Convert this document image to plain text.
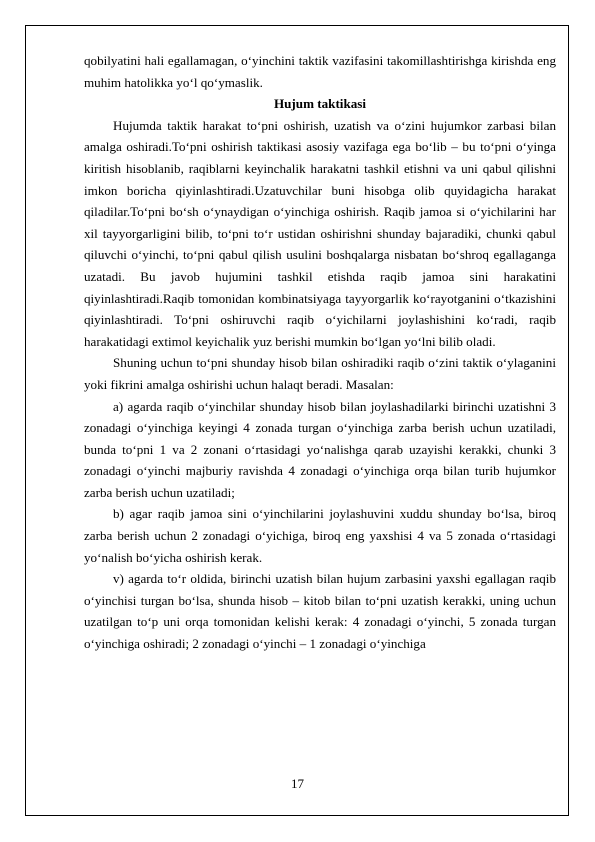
qobilyatini hali egallamagan, o‘yinchini taktik vazifasini takomillashtirishga kirishda eng muhim hatolikka yo‘l qo‘ymaslik.

Hujum taktikasi

Hujumda taktik harakat to‘pni oshirish, uzatish va o‘zini hujumkor zarbasi bilan amalga oshiradi.To‘pni oshirish taktikasi asosiy vazifaga ega bo‘lib – bu to‘pni o‘yinga kiritish hisoblanib, raqiblarni keyinchalik harakatni tashkil etishni va uni qabul qilishni imkon boricha qiyinlashtiradi.Uzatuvchilar buni hisobga olib quyidagicha harakat qiladilar.To‘pni bo‘sh o‘ynaydigan o‘yinchiga oshirish. Raqib jamoa si o‘yichilarini har xil tayyorgarligini bilib, to‘pni to‘r ustidan oshirishni shunday bajaradiki, chunki qabul qiluvchi o‘yinchi, to‘pni qabul qilish usulini boshqalarga nisbatan bo‘shroq egallaganga uzatadi. Bu javob hujumini tashkil etishda raqib jamoa sini harakatini qiyinlashtiradi.Raqib tomonidan kombinatsiyaga tayyorgarlik ko‘rayotganini o‘tkazishini qiyinlashtiradi. To‘pni oshiruvchi raqib o‘yichilarni joylashishini ko‘radi, raqib harakatidagi extimol keyichalik yuz berishi mumkin bo‘lgan yo‘lni bilib oladi.

Shuning uchun to‘pni shunday hisob bilan oshiradiki raqib o‘zini taktik o‘ylaganini yoki fikrini amalga oshirishi uchun halaqt beradi. Masalan:

a) agarda raqib o‘yinchilar shunday hisob bilan joylashadilarki birinchi uzatishni 3 zonadagi o‘yinchiga keyingi 4 zonada turgan o‘yinchiga zarba berish uchun uzatiladi, bunda to‘pni 1 va 2 zonani o‘rtasidagi yo‘nalishga qarab uzayishi kerakki, chunki 3 zonadagi o‘yinchi majburiy ravishda 4 zonadagi o‘yinchiga orqa bilan turib hujumkor zarba berish uchun uzatiladi;

b) agar raqib jamoa sini o‘yinchilarini joylashuvini xuddu shunday bo‘lsa, biroq zarba berish uchun 2 zonadagi o‘yichiga, biroq eng yaxshisi 4 va 5 zonada o‘rtasidagi yo‘nalish bo‘yicha oshirish kerak.

v) agarda to‘r oldida, birinchi uzatish bilan hujum zarbasini yaxshi egallagan raqib o‘yinchisi turgan bo‘lsa, shunda hisob – kitob bilan to‘pni uzatish kerakki, uning uchun uzatilgan to‘p uni orqa tomonidan kelishi kerak: 4 zonadagi o‘yinchi, 5 zonada turgan o‘yinchiga oshiradi; 2 zonadagi o‘yinchi – 1 zonadagi o‘yinchiga

17
